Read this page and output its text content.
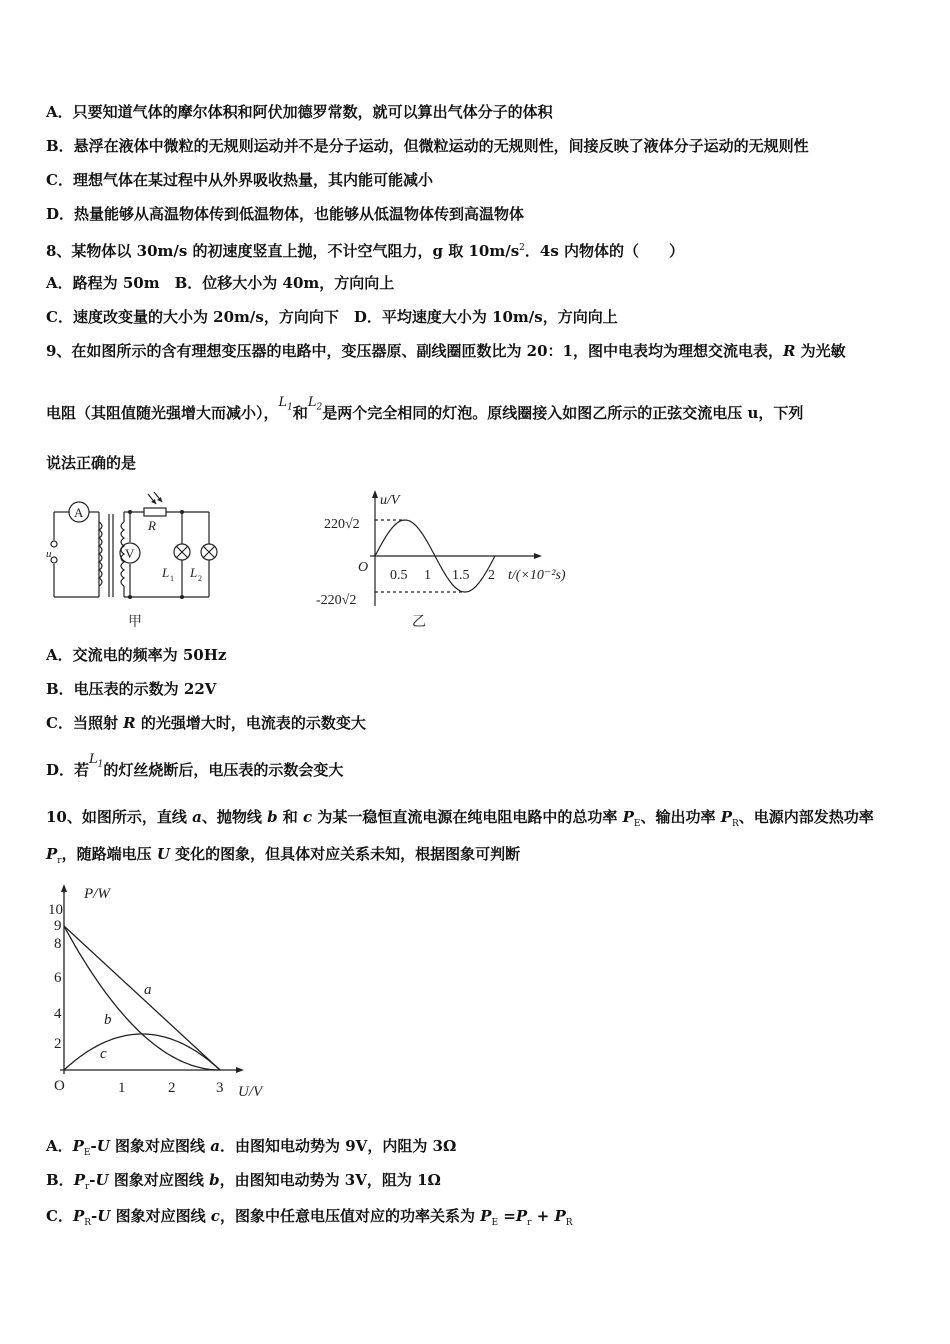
A．只要知道气体的摩尔体积和阿伏加德罗常数，就可以算出气体分子的体积
B．悬浮在液体中微粒的无规则运动并不是分子运动，但微粒运动的无规则性，间接反映了液体分子运动的无规则性
C．理想气体在某过程中从外界吸收热量，其内能可能减小
D．热量能够从高温物体传到低温物体，也能够从低温物体传到高温物体
8、某物体以 30m/s 的初速度竖直上抛，不计空气阻力，g 取 $10m/s^2$．4s 内物体的（　　）
A．路程为 50m　B．位移大小为 40m，方向向上
C．速度改变量的大小为 20m/s，方向向下　D．平均速度大小为 10m/s，方向向上
9、在如图所示的含有理想变压器的电路中，变压器原、副线圈匝数比为 20：1，图中电表均为理想交流电表，R 为光敏
电阻（其阻值随光强增大而减小），$L_1$和$L_2$是两个完全相同的灯泡。原线圈接入如图乙所示的正弦交流电压 u，下列
说法正确的是
A
V
R
L 1 L 2
u
甲
u/V
O
t/(×10⁻²s)
220√2
-220√2
0.5 1 1.5 2
乙
A．交流电的频率为 50Hz
B．电压表的示数为 22V
C．当照射 R 的光强增大时，电流表的示数变大
D．若$L_1$的灯丝烧断后，电压表的示数会变大
10、如图所示，直线 a、抛物线 b 和 c 为某一稳恒直流电源在纯电阻电路中的总功率 $P_E$、输出功率 $P_R$、电源内部发热功率
$P_r$，随路端电压 U 变化的图象，但具体对应关系未知，根据图象可判断
P/W
U/V
O	1	2	3
2
4
6
8
9
10
a
b
c
A．$P_E-U$ 图象对应图线 a．由图知电动势为 9V，内阻为 3Ω
B．$P_r-U$ 图象对应图线 b，由图知电动势为 3V，阻为 1Ω
C．$P_R-U$ 图象对应图线 c，图象中任意电压值对应的功率关系为 $P_E =P_r + P_R$
